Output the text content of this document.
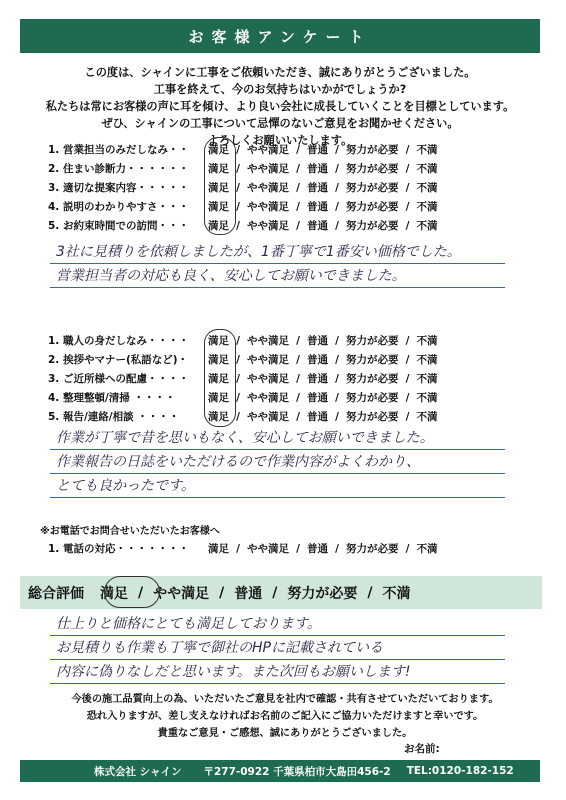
お客様アンケート
この度は、シャインに工事をご依頼いただき、誠にありがとうございました。
工事を終えて、今のお気持ちはいかがでしょうか?
私たちは常にお客様の声に耳を傾け、より良い会社に成長していくことを目標としています。
ぜひ、シャインの工事について忌憚のないご意見をお聞かせください。
よろしくお願いいたします。
1. 営業担当のみだしなみ・・ 満足 / やや満足 / 普通 / 努力が必要 / 不満
2. 住まい診断力・・・・・・ 満足 / やや満足 / 普通 / 努力が必要 / 不満
3. 適切な提案内容・・・・・ 満足 / やや満足 / 普通 / 努力が必要 / 不満
4. 説明のわかりやすさ・・・ 満足 / やや満足 / 普通 / 努力が必要 / 不満
5. お約束時間での訪問・・・ 満足 / やや満足 / 普通 / 努力が必要 / 不満
3社に見積りを依頼しましたが、1番丁寧で1番安い価格でした。
営業担当者の対応も良く、安心してお願いできました。
1. 職人の身だしなみ・・・・ 満足 / やや満足 / 普通 / 努力が必要 / 不満
2. 挨拶やマナー(私語など)・ 満足 / やや満足 / 普通 / 努力が必要 / 不満
3. ご近所様への配慮・・・・ 満足 / やや満足 / 普通 / 努力が必要 / 不満
4. 整理整頓/清掃 ・・・・	満足 / やや満足 / 普通 / 努力が必要 / 不満
5. 報告/連絡/相談 ・・・・	満足 / やや満足 / 普通 / 努力が必要 / 不満
作業が丁寧で昔を思いもなく、安心してお願いできました。
作業報告の日誌をいただけるので作業内容がよくわかり、
とても良かったです。
※お電話でお問合せいただいたお客様へ
1. 電話の対応・・・・・・・ 満足 / やや満足 / 普通 / 努力が必要 / 不満
総合評価 満足 / やや満足 / 普通 / 努力が必要 / 不満
仕上りと価格にとても満足しております。
お見積りも作業も丁寧で御社のHPに記載されている
内容に偽りなしだと思います。また次回もお願いします!
今後の施工品質向上の為、いただいたご意見を社内で確認・共有させていただいております。
恐れ入りますが、差し支えなければお名前のご記入にご協力いただけますと幸いです。
貴重なご意見・ご感想、誠にありがとうございました。
お名前:
株式会社 シャイン 〒277-0922 千葉県柏市大島田456-2 TEL:0120-182-152
